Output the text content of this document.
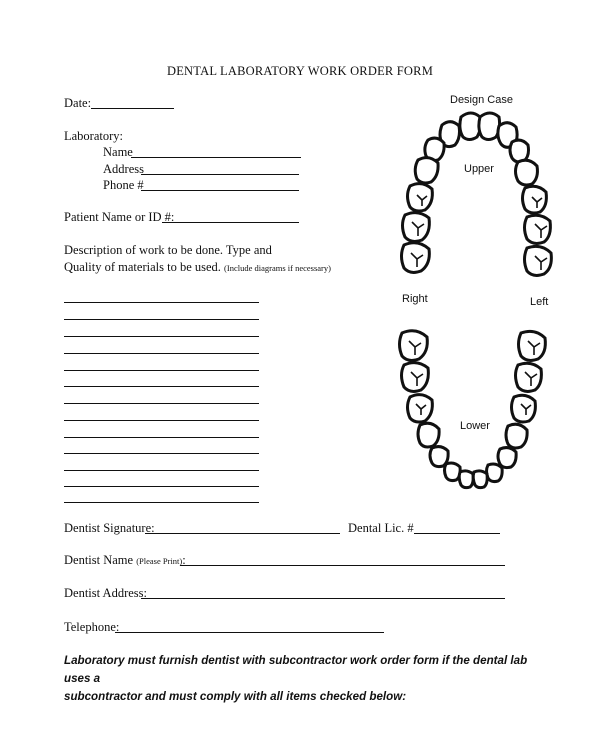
DENTAL LABORATORY WORK ORDER FORM
Date:
Laboratory:
Name
Address
Phone #
Patient Name or ID #:
Description of work to be done. Type and
Quality of materials to be used. (Include diagrams if necessary)
Dentist Signature:	Dental Lic. #
Dentist Name (Please Print):
Dentist Address:
Telephone:
Laboratory must furnish dentist with subcontractor work order form if the dental lab uses a
subcontractor and must comply with all items checked below:
Design Case
Upper
Right	Left
Lower
